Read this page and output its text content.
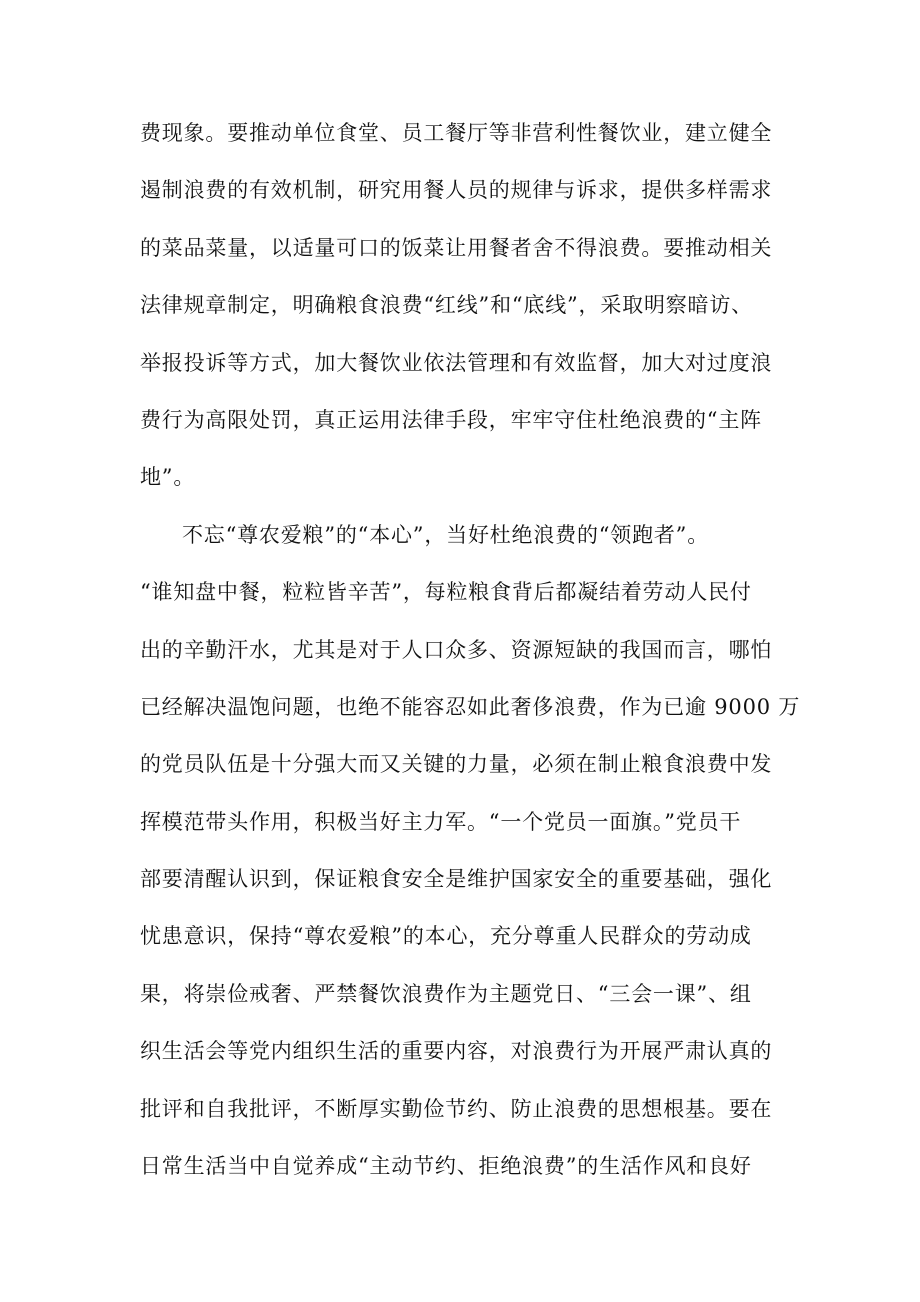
费现象。要推动单位食堂、员工餐厅等非营利性餐饮业，建立健全
遏制浪费的有效机制，研究用餐人员的规律与诉求，提供多样需求
的菜品菜量，以适量可口的饭菜让用餐者舍不得浪费。要推动相关
法律规章制定，明确粮食浪费“红线”和“底线”，采取明察暗访、
举报投诉等方式，加大餐饮业依法管理和有效监督，加大对过度浪
费行为高限处罚，真正运用法律手段，牢牢守住杜绝浪费的“主阵
地”。
不忘“尊农爱粮”的“本心”，当好杜绝浪费的“领跑者”。
“谁知盘中餐，粒粒皆辛苦”，每粒粮食背后都凝结着劳动人民付
出的辛勤汗水，尤其是对于人口众多、资源短缺的我国而言，哪怕
已经解决温饱问题，也绝不能容忍如此奢侈浪费，作为已逾 9000 万
的党员队伍是十分强大而又关键的力量，必须在制止粮食浪费中发
挥模范带头作用，积极当好主力军。“一个党员一面旗。”党员干
部要清醒认识到，保证粮食安全是维护国家安全的重要基础，强化
忧患意识，保持“尊农爱粮”的本心，充分尊重人民群众的劳动成
果，将崇俭戒奢、严禁餐饮浪费作为主题党日、“三会一课”、组
织生活会等党内组织生活的重要内容，对浪费行为开展严肃认真的
批评和自我批评，不断厚实勤俭节约、防止浪费的思想根基。要在
日常生活当中自觉养成“主动节约、拒绝浪费”的生活作风和良好
